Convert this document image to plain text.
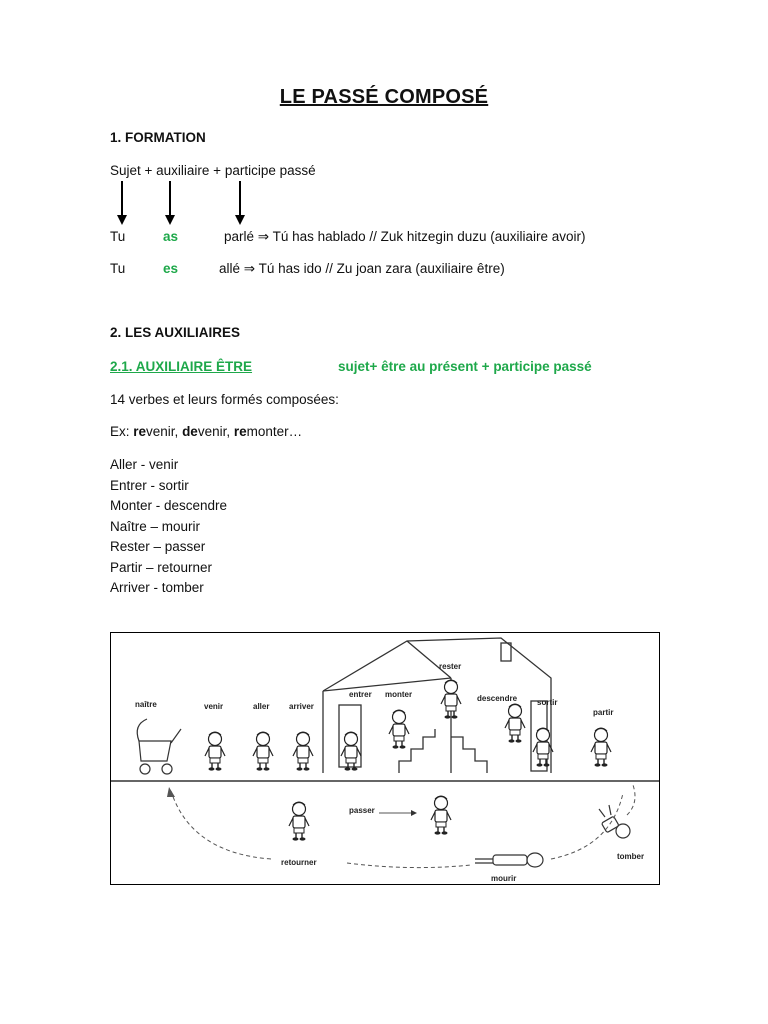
LE PASSÉ COMPOSÉ
1. FORMATION
Sujet + auxiliaire + participe passé
Tu	as	parlé ⇒ Tú has hablado // Zuk hitzegin duzu (auxiliaire avoir)
Tu	es	allé ⇒ Tú has ido // Zu joan zara (auxiliaire être)
2. LES AUXILIAIRES
2.1. AUXILIAIRE ÊTRE	sujet+ être au présent + participe passé
14 verbes et leurs formés composées:
Ex: revenir, devenir, remonter…
Aller - venir
Entrer - sortir
Monter - descendre
Naître – mourir
Rester – passer
Partir – retourner
Arriver - tomber
naître	venir	aller arriver
entrer monter
rester
descendre sortir
partir
passer
retourner
mourir
tomber
